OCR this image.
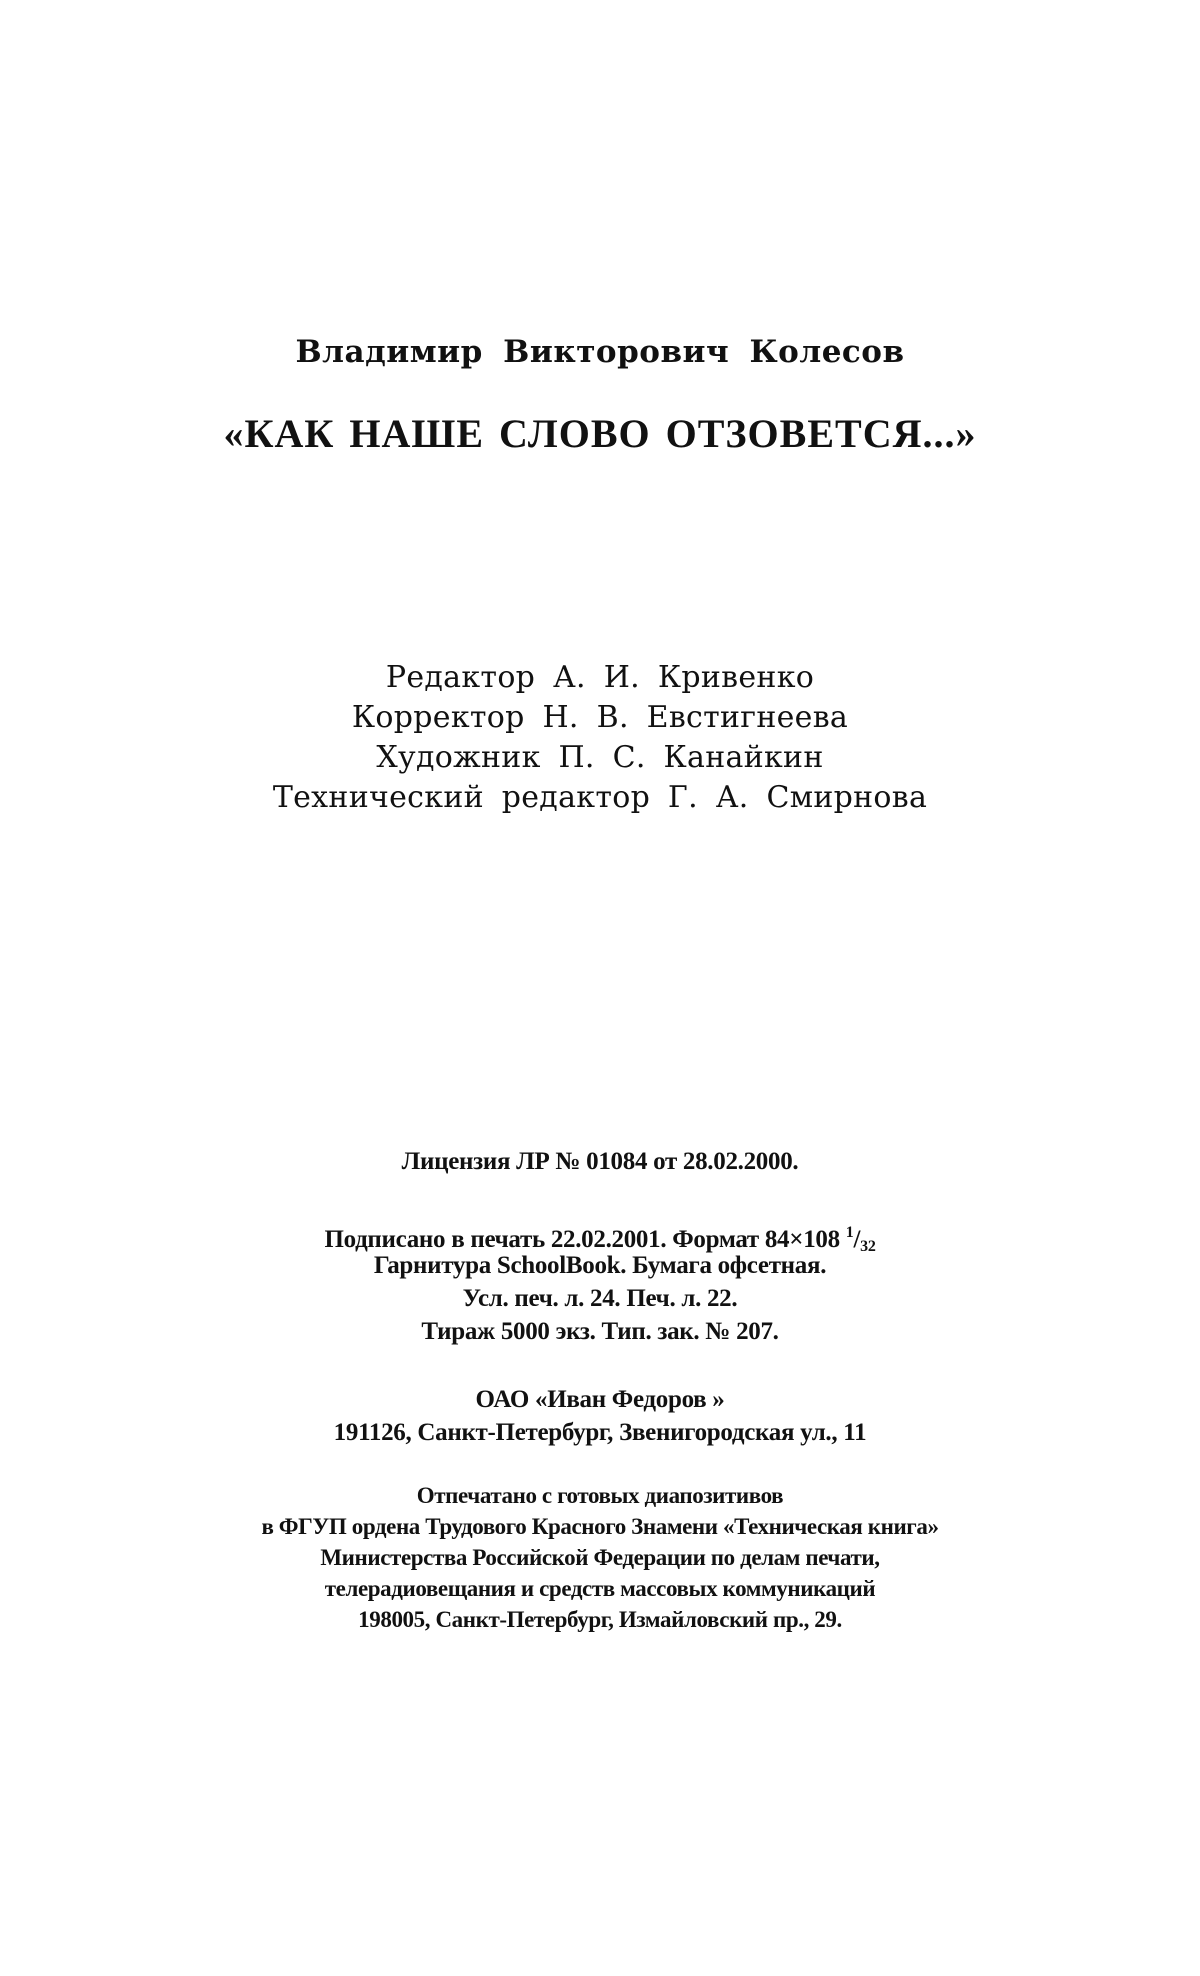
Владимир Викторович Колесов
«КАК НАШЕ СЛОВО ОТЗОВЕТСЯ...»
Редактор А. И. Кривенко
Корректор Н. В. Евстигнеева
Художник П. С. Канайкин
Технический редактор Г. А. Смирнова
Лицензия ЛР № 01084 от 28.02.2000.
Подписано в печать 22.02.2001. Формат 84×108 $^1/_{32}$
Гарнитура SchoolBook. Бумага офсетная.
Усл. печ. л. 24. Печ. л. 22.
Тираж 5000 экз. Тип. зак. № 207.
ОАО «Иван Федоров »
191126, Санкт-Петербург, Звенигородская ул., 11
Отпечатано с готовых диапозитивов
в ФГУП ордена Трудового Красного Знамени «Техническая книга»
Министерства Российской Федерации по делам печати,
телерадиовещания и средств массовых коммуникаций
198005, Санкт-Петербург, Измайловский пр., 29.
